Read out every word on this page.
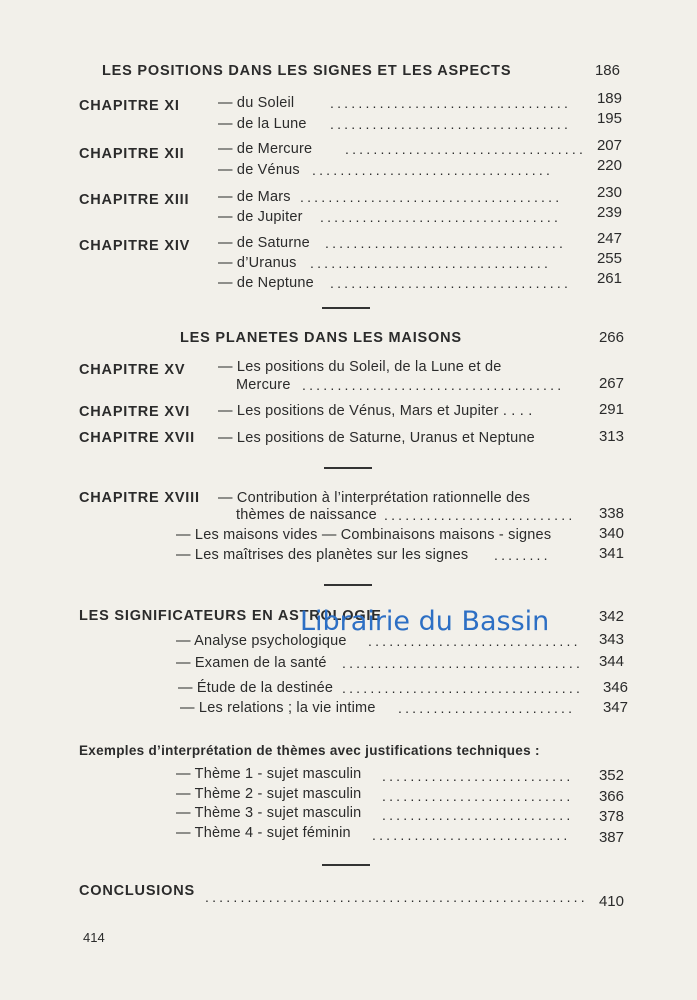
LES POSITIONS DANS LES SIGNES ET LES ASPECTS	186
CHAPITRE XI	— du Soleil	..................................	189
— de la Lune ..................................	195
CHAPITRE XII — de Mercure .................................. 207
— de Vénus ..................................	220
CHAPITRE XIII — de Mars .....................................	230
— de Jupiter ..................................	239
CHAPITRE XIV — de Saturne ..................................	247
— d’Uranus ..................................	255
— de Neptune ..................................	261
LES PLANETES DANS LES MAISONS	266
CHAPITRE XV — Les positions du Soleil, de la Lune et de
Mercure .....................................	267
CHAPITRE XVI — Les positions de Vénus, Mars et Jupiter . . . .	291
CHAPITRE XVII — Les positions de Saturne, Uranus et Neptune	313
CHAPITRE XVIII — Contribution à l’interprétation rationnelle des
thèmes de naissance ...........................	338
— Les maisons vides — Combinaisons maisons - signes	340
— Les maîtrises des planètes sur les signes ........	341
LES SIGNIFICATEURS EN ASTROLOGIE	342
Librairie du Bassin
— Analyse psychologique ..............................	343
— Examen de la santé ..................................	344
— Étude de la destinée ..................................	346
— Les relations ; la vie intime .........................	347
Exemples d’interprétation de thèmes avec justifications techniques :
— Thème 1 - sujet masculin ...........................	352
— Thème 2 - sujet masculin ...........................	366
— Thème 3 - sujet masculin ...........................	378
— Thème 4 - sujet féminin ............................	387
CONCLUSIONS ...................................................... 410
414
